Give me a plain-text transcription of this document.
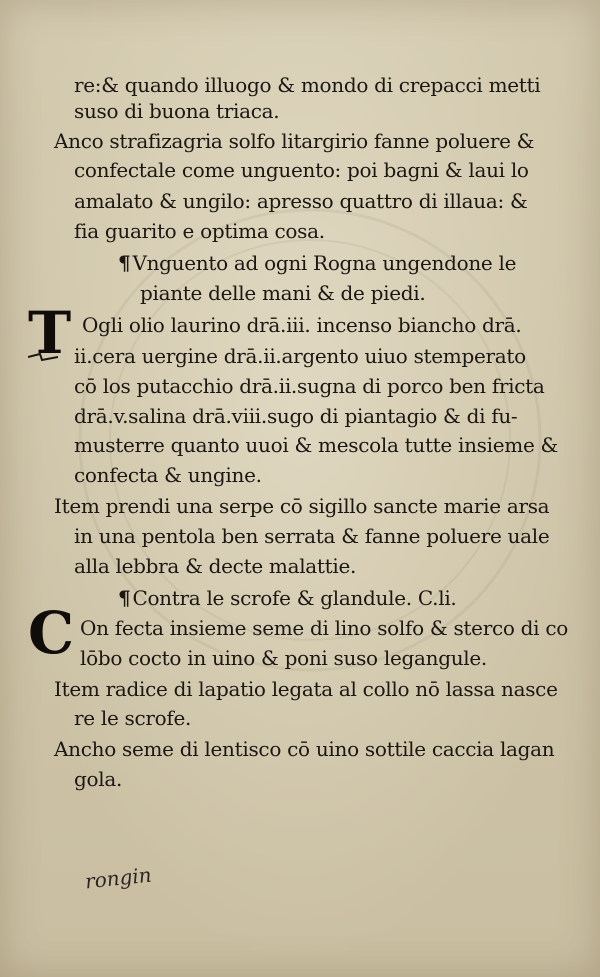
re:& quando illuogo & mondo di crepacci metti
suso di buona triaca.
Anco strafizagria solfo litargirio fanne poluere &
confectale come unguento: poi bagni & laui lo
amalato & ungilo: apresso quattro di illaua: &
fia guarito e optima cosa.
¶ Vnguento ad ogni Rogna ungendone le
piante delle mani & de piedi.
T Ogli olio laurino drā.iii. incenso biancho drā.
ii.cera uergine drā.ii.argento uiuo stemperato
cō los putacchio drā.ii.sugna di porco ben fricta
drā.v.salina drā.viii.sugo di piantagio & di fu-
musterre quanto uuoi & mescola tutte insieme &
confecta & ungine.
Item prendi una serpe cō sigillo sancte marie arsa
in una pentola ben serrata & fanne poluere uale
alla lebbra & decte malattie.
¶ Contra le scrofe & glandule. C.li.
C On fecta insieme seme di lino solfo & sterco di co
lōbo cocto in uino & poni suso legangule.
Item radice di lapatio legata al collo nō lassa nasce
re le scrofe.
Ancho seme di lentisco cō uino sottile caccia lagan
gola.
rongin
